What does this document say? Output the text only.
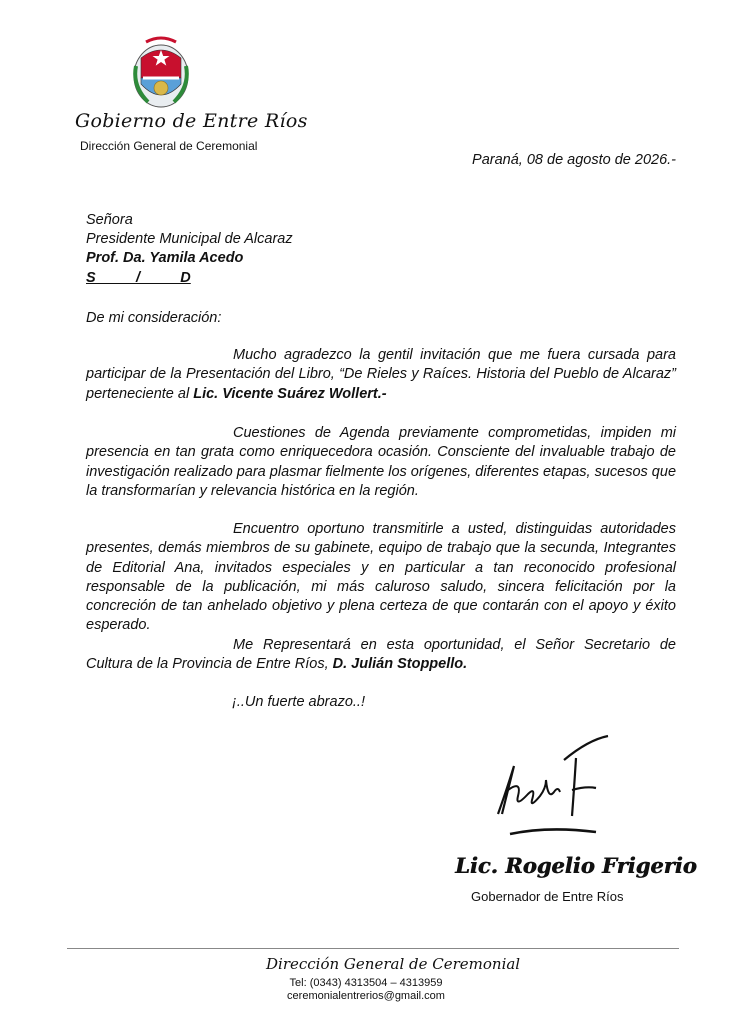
Gobierno de Entre Ríos
Dirección General de Ceremonial
Paraná, 08 de agosto de 2026.-
Señora
Presidente Municipal de Alcaraz
Prof. Da. Yamila Acedo
S          /          D
De mi consideración:

Mucho agradezco la gentil invitación que me fuera cursada para participar de la Presentación del Libro, “De Rieles y Raíces. Historia del Pueblo de Alcaraz” perteneciente al Lic. Vicente Suárez Wollert.-

Cuestiones de Agenda previamente comprometidas, impiden mi presencia en tan grata como enriquecedora ocasión. Consciente del invaluable trabajo de investigación realizado para plasmar fielmente los orígenes, diferentes etapas, sucesos que la transformarían y relevancia histórica en la región.

Encuentro oportuno transmitirle a usted, distinguidas autoridades presentes, demás miembros de su gabinete, equipo de trabajo que la secunda, Integrantes de Editorial Ana, invitados especiales y en particular a tan reconocido profesional responsable de la publicación, mi más caluroso saludo, sincera felicitación por la concreción de tan anhelado objetivo y plena certeza de que contarán con el apoyo y éxito esperado.

Me Representará en esta oportunidad, el Señor Secretario de Cultura de la Provincia de Entre Ríos, D. Julián Stoppello.

¡..Un fuerte abrazo..!
Lic. Rogelio Frigerio
Gobernador de Entre Ríos
Dirección General de Ceremonial
Tel: (0343) 4313504 – 4313959
ceremonialentrerios@gmail.com
